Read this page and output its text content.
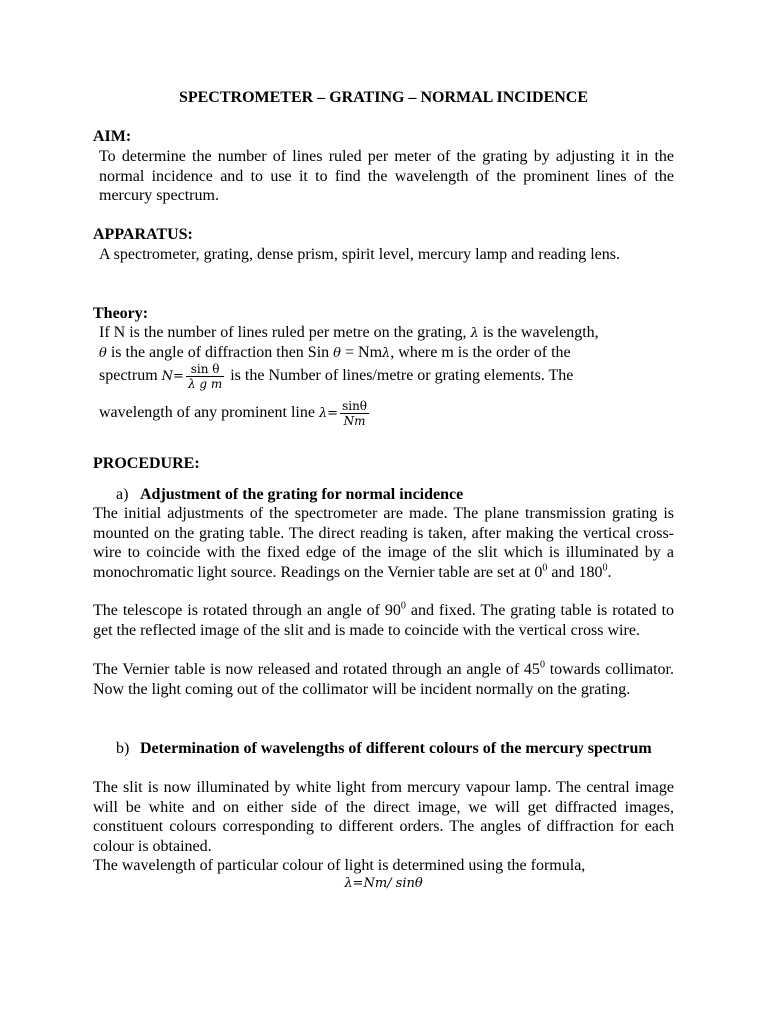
SPECTROMETER – GRATING – NORMAL INCIDENCE
AIM:
To determine the number of lines ruled per meter of the grating by adjusting it in the normal incidence and to use it to find the wavelength of the prominent lines of the mercury spectrum.
APPARATUS:
A spectrometer, grating, dense prism, spirit level, mercury lamp and reading lens.
Theory:
If N is the number of lines ruled per metre on the grating, λ is the wavelength,
θ is the angle of diffraction then Sin θ = Nmλ, where m is the order of the
spectrum $N= \frac{\text{sin θ}}{\text{λ g m}}$ is the Number of lines/metre or grating elements. The
wavelength of any prominent line $\lambda= \frac{\sin\theta}{Nm}$
PROCEDURE:
a) Adjustment of the grating for normal incidence
The initial adjustments of the spectrometer are made. The plane transmission grating is mounted on the grating table. The direct reading is taken, after making the vertical cross-wire to coincide with the fixed edge of the image of the slit which is illuminated by a monochromatic light source. Readings on the Vernier table are set at $0^0$ and $180^0$.
The telescope is rotated through an angle of $90^0$ and fixed. The grating table is rotated to get the reflected image of the slit and is made to coincide with the vertical cross wire.
The Vernier table is now released and rotated through an angle of $45^0$ towards collimator. Now the light coming out of the collimator will be incident normally on the grating.
b) Determination of wavelengths of different colours of the mercury spectrum
The slit is now illuminated by white light from mercury vapour lamp. The central image will be white and on either side of the direct image, we will get diffracted images, constituent colours corresponding to different orders. The angles of diffraction for each colour is obtained.
The wavelength of particular colour of light is determined using the formula,
λ=Nm/ sinθ
